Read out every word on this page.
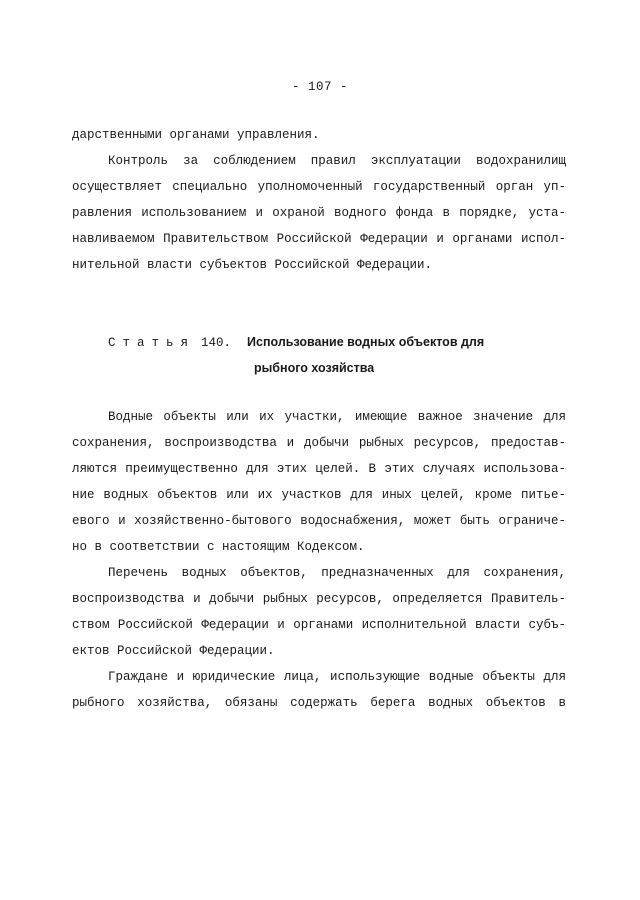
- 107 -
дарственными органами управления.
Контроль за соблюдением правил эксплуатации водохранилищ
осуществляет специально уполномоченный государственный орган уп-
равления использованием и охраной водного фонда в порядке, уста-
навливаемом Правительством Российской Федерации и органами испол-
нительной власти субъектов Российской Федерации.
Статья 140. Использование водных объектов для
рыбного хозяйства
Водные объекты или их участки, имеющие важное значение для
сохранения, воспроизводства и добычи рыбных ресурсов, предостав-
ляются преимущественно для этих целей. В этих случаях использова-
ние водных объектов или их участков для иных целей, кроме питье-
евого и хозяйственно-бытового водоснабжения, может быть ограниче-
но в соответствии с настоящим Кодексом.
Перечень водных объектов, предназначенных для сохранения,
воспроизводства и добычи рыбных ресурсов, определяется Правитель-
ством Российской Федерации и органами исполнительной власти субъ-
ектов Российской Федерации.
Граждане и юридические лица, использующие водные объекты для
рыбного хозяйства, обязаны содержать берега водных объектов в
